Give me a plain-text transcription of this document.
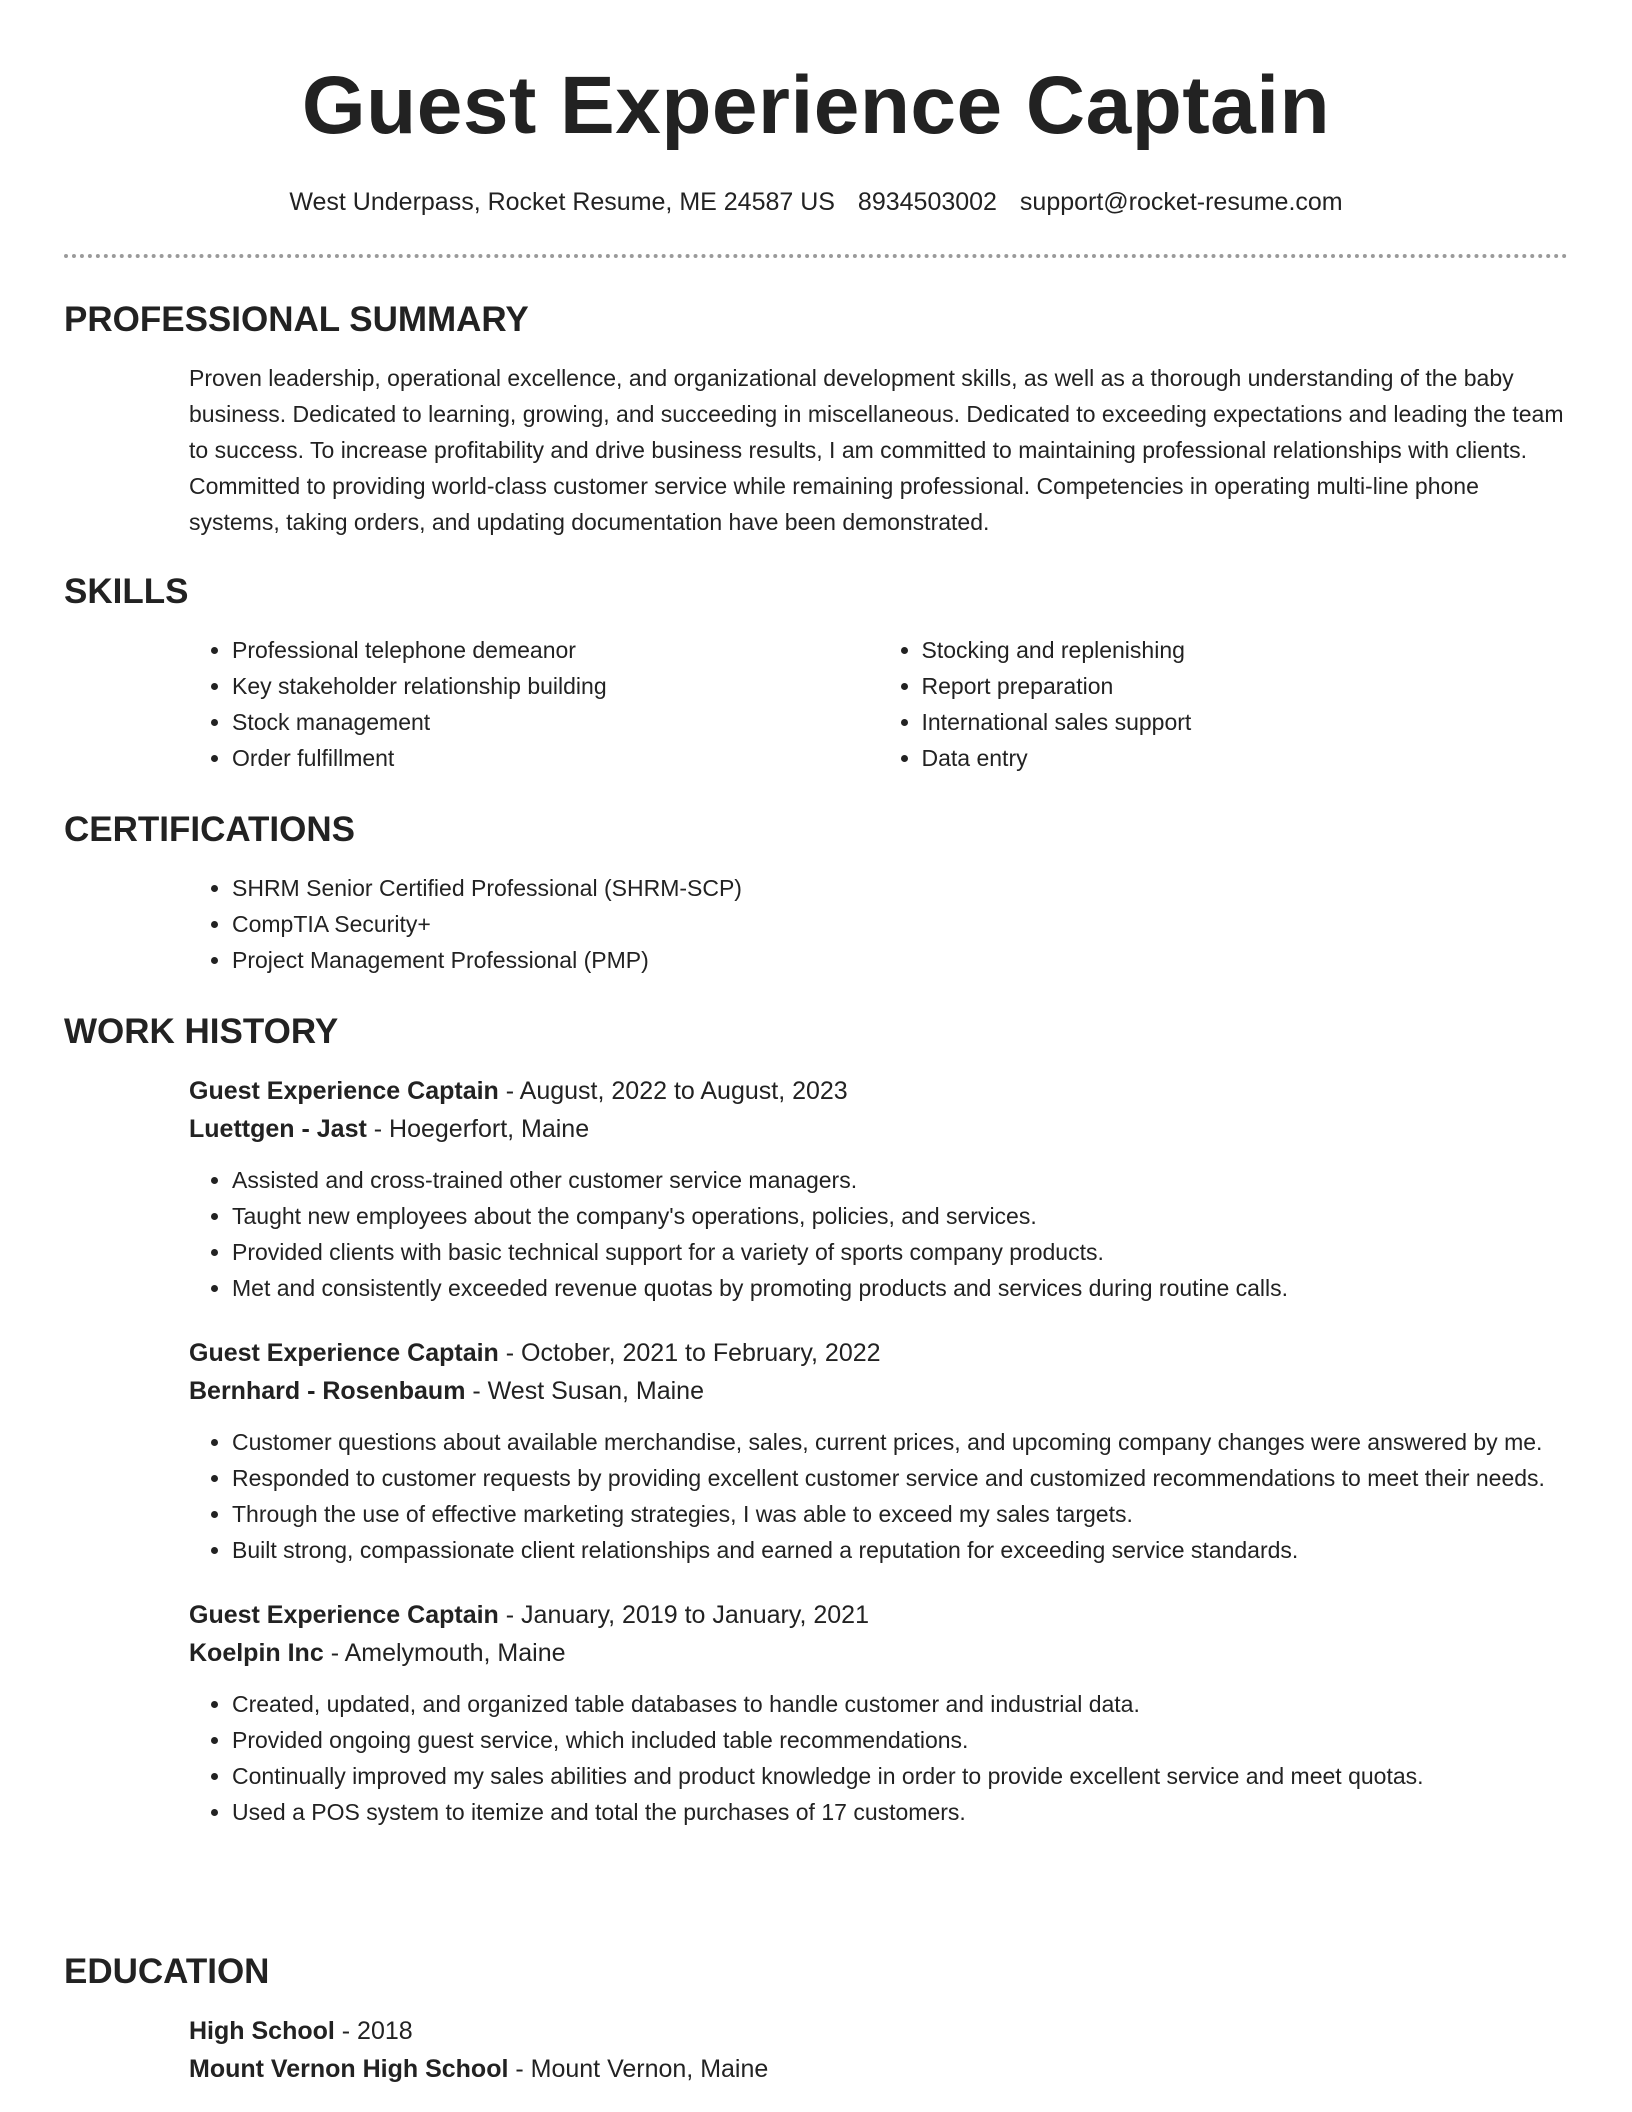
Guest Experience Captain
West Underpass, Rocket Resume, ME 24587 US 8934503002 support@rocket-resume.com
PROFESSIONAL SUMMARY

Proven leadership, operational excellence, and organizational development skills, as well as a thorough understanding of the baby business. Dedicated to learning, growing, and succeeding in miscellaneous. Dedicated to exceeding expectations and leading the team to success. To increase profitability and drive business results, I am committed to maintaining professional relationships with clients. Committed to providing world-class customer service while remaining professional. Competencies in operating multi-line phone systems, taking orders, and updating documentation have been demonstrated.

SKILLS
• Professional telephone demeanor
• Key stakeholder relationship building
• Stock management
• Order fulfillment
• Stocking and replenishing
• Report preparation
• International sales support
• Data entry
CERTIFICATIONS
• SHRM Senior Certified Professional (SHRM-SCP)
• CompTIA Security+
• Project Management Professional (PMP)
WORK HISTORY
Guest Experience Captain - August, 2022 to August, 2023
Luettgen - Jast - Hoegerfort, Maine
• Assisted and cross-trained other customer service managers.
• Taught new employees about the company's operations, policies, and services.
• Provided clients with basic technical support for a variety of sports company products.
• Met and consistently exceeded revenue quotas by promoting products and services during routine calls.
Guest Experience Captain - October, 2021 to February, 2022
Bernhard - Rosenbaum - West Susan, Maine
• Customer questions about available merchandise, sales, current prices, and upcoming company changes were answered by me.
• Responded to customer requests by providing excellent customer service and customized recommendations to meet their needs.
• Through the use of effective marketing strategies, I was able to exceed my sales targets.
• Built strong, compassionate client relationships and earned a reputation for exceeding service standards.
Guest Experience Captain - January, 2019 to January, 2021
Koelpin Inc - Amelymouth, Maine
• Created, updated, and organized table databases to handle customer and industrial data.
• Provided ongoing guest service, which included table recommendations.
• Continually improved my sales abilities and product knowledge in order to provide excellent service and meet quotas.
• Used a POS system to itemize and total the purchases of 17 customers.
EDUCATION
High School - 2018
Mount Vernon High School - Mount Vernon, Maine
